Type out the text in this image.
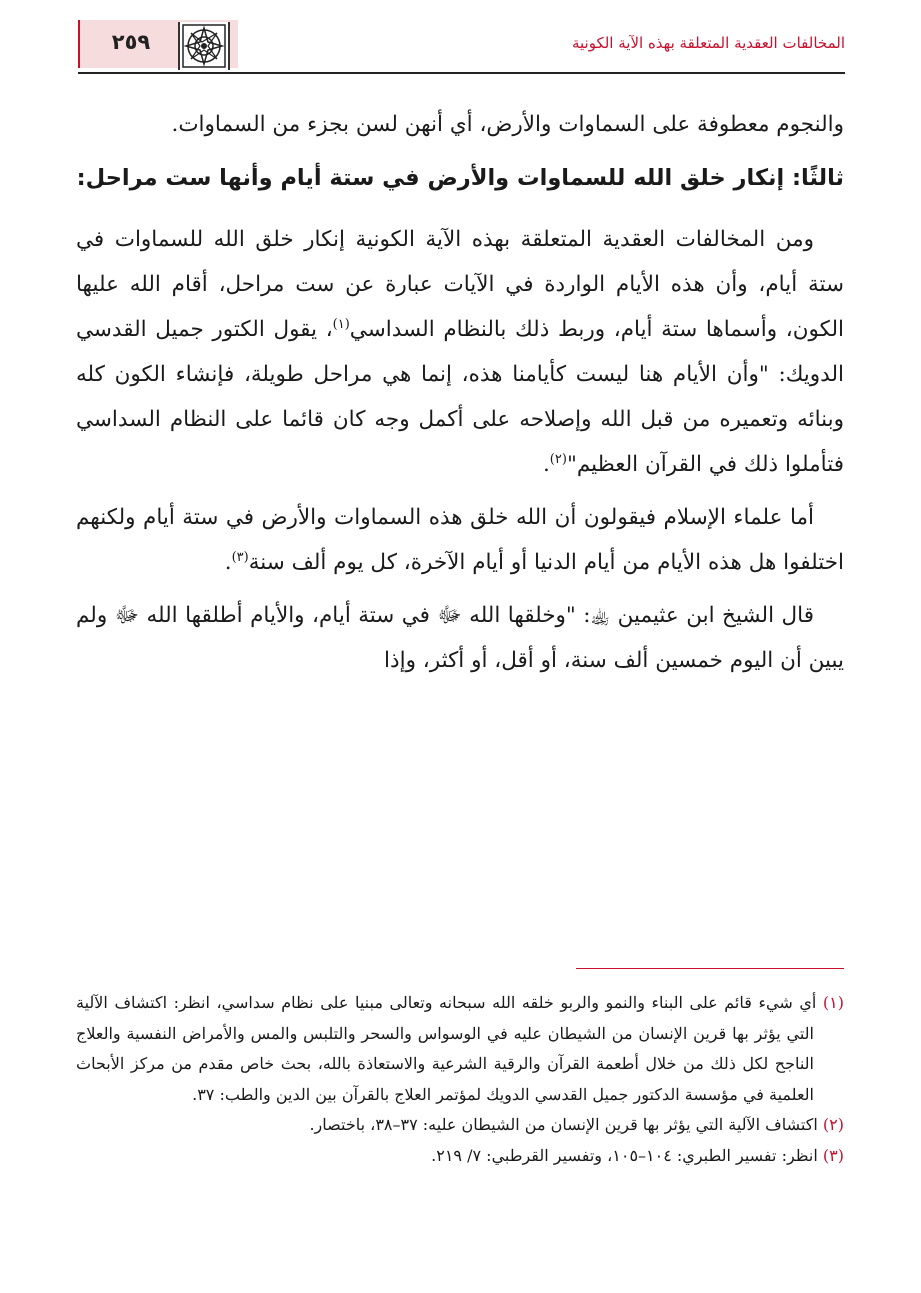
المخالفات العقدية المتعلقة بهذه الآية الكونية
٢٥٩

والنجوم معطوفة على السماوات والأرض، أي أنهن لسن بجزء من السماوات.

ثالثًا: إنكار خلق الله للسماوات والأرض في ستة أيام وأنها ست مراحل:

ومن المخالفات العقدية المتعلقة بهذه الآية الكونية إنكار خلق الله للسماوات في ستة أيام، وأن هذه الأيام الواردة في الآيات عبارة عن ست مراحل، أقام الله عليها الكون، وأسماها ستة أيام، وربط ذلك بالنظام السداسي$^{(١)}$، يقول الكتور جميل القدسي الدويك: "وأن الأيام هنا ليست كأيامنا هذه، إنما هي مراحل طويلة، فإنشاء الكون كله وبنائه وتعميره من قبل الله وإصلاحه على أكمل وجه كان قائما على النظام السداسي فتأملوا ذلك في القرآن العظيم"$^{(٢)}$.

أما علماء الإسلام فيقولون أن الله خلق هذه السماوات والأرض في ستة أيام ولكنهم اختلفوا هل هذه الأيام من أيام الدنيا أو أيام الآخرة، كل يوم ألف سنة$^{(٣)}$.

قال الشيخ ابن عثيمين ﵀: "وخلقها الله ﷻ في ستة أيام، والأيام أطلقها الله ﷻ ولم يبين أن اليوم خمسين ألف سنة، أو أقل، أو أكثر، وإذا

(١) أي شيء قائم على البناء والنمو والربو خلقه الله سبحانه وتعالى مبنيا على نظام سداسي، انظر: اكتشاف الآلية التي يؤثر بها قرين الإنسان من الشيطان عليه في الوسواس والسحر والتلبس والمس والأمراض النفسية والعلاج الناجح لكل ذلك من خلال أطعمة القرآن والرقية الشرعية والاستعاذة بالله، بحث خاص مقدم من مركز الأبحاث العلمية في مؤسسة الدكتور جميل القدسي الدويك لمؤتمر العلاج بالقرآن بين الدين والطب: ٣٧.

(٢) اكتشاف الآلية التي يؤثر بها قرين الإنسان من الشيطان عليه: ٣٧–٣٨، باختصار.

(٣) انظر: تفسير الطبري: ١٠٤–١٠٥، وتفسير القرطبي: ٧/ ٢١٩.
